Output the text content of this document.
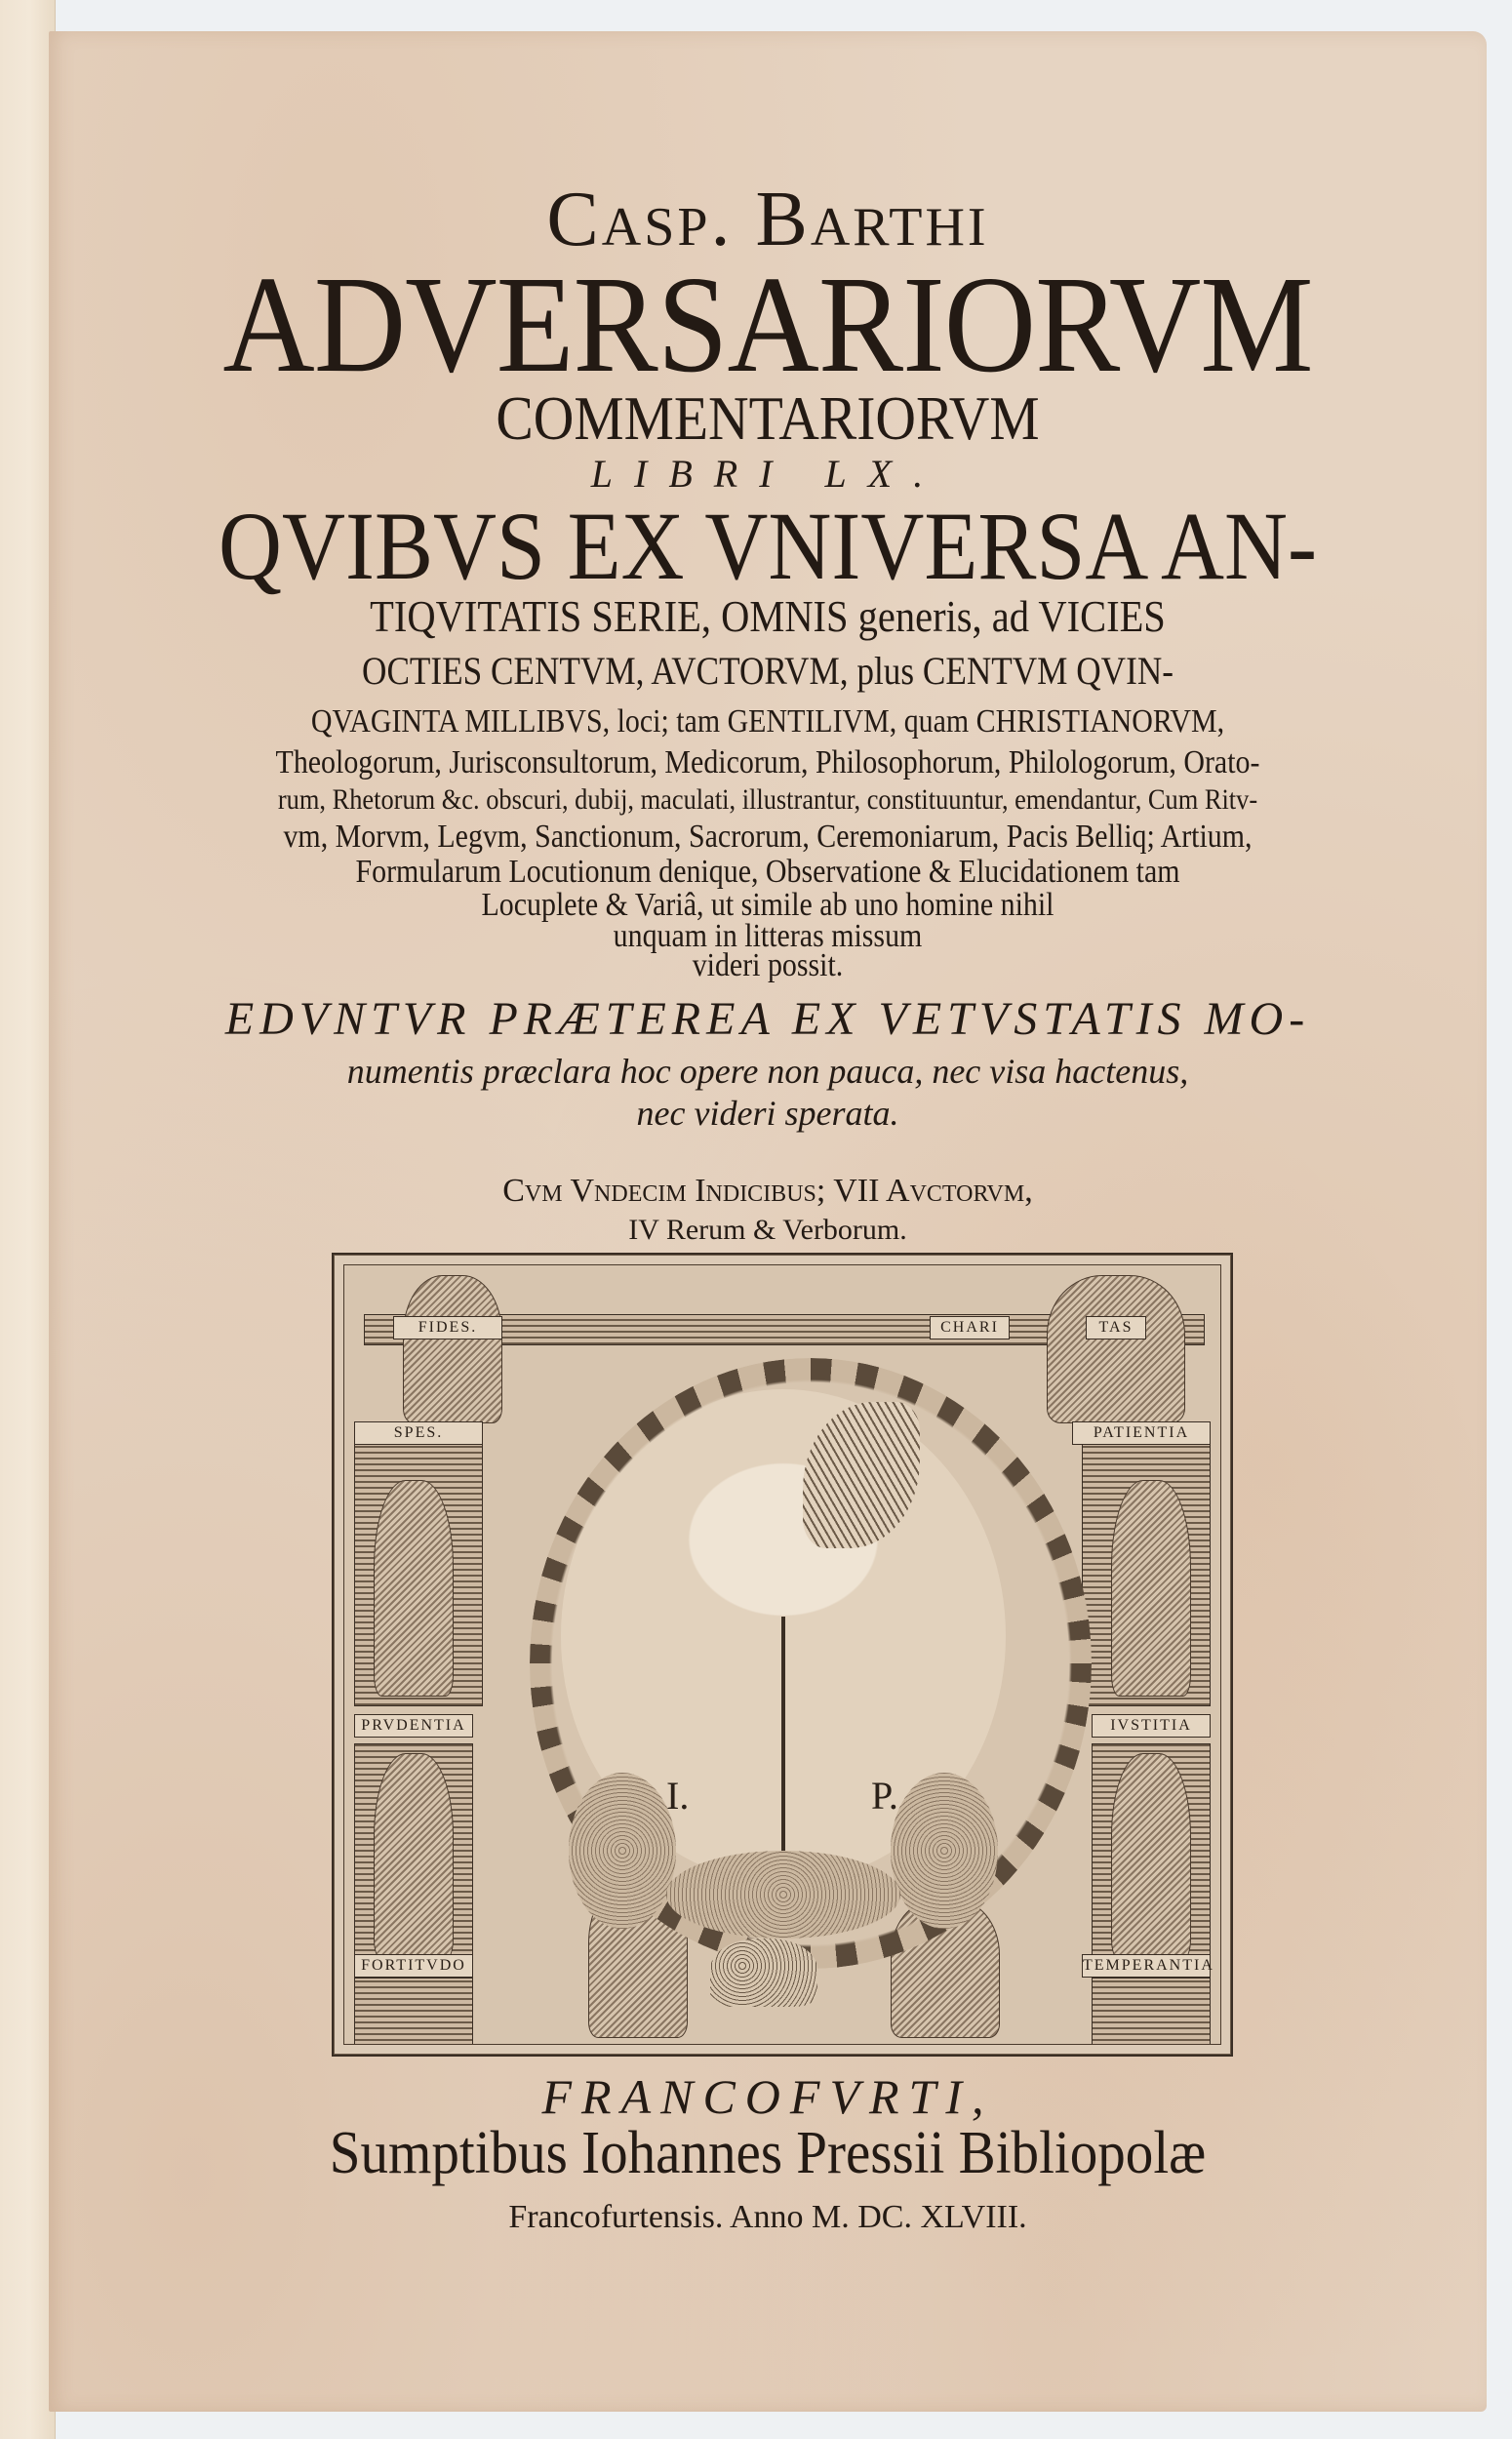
Casp. Barthi
ADVERSARIORVM
COMMENTARIORVM
LIBRI LX.
QVIBVS EX VNIVERSA AN-
TIQVITATIS SERIE, OMNIS generis, ad VICIES
OCTIES CENTVM, AVCTORVM, plus CENTVM QVIN-
QVAGINTA MILLIBVS, loci; tam GENTILIVM, quam CHRISTIANORVM,
Theologorum, Jurisconsultorum, Medicorum, Philosophorum, Philologorum, Orato-
rum, Rhetorum &c. obscuri, dubij, maculati, illustrantur, constituuntur, emendantur, Cum Ritv-
vm, Morvm, Legvm, Sanctionum, Sacrorum, Ceremoniarum, Pacis Belliq; Artium,
Formularum Locutionum denique, Observatione & Elucidationem tam
Locuplete & Variâ, ut simile ab uno homine nihil
unquam in litteras missum
videri possit.
EDVNTVR PRÆTEREA EX VETVSTATIS MO-
numentis præclara hoc opere non pauca, nec visa hactenus,
nec videri sperata.
Cvm Vndecim Indicibus; VII Avctorvm,
IV Rerum & Verborum.
FIDES.	CHARI	TAS
SPES.	PATIENTIA
PRVDENTIA	IVSTITIA
FORTITVDO	TEMPERANTIA
I.	P.
FRANCOFVRTI,
Sumptibus Iohannes Pressii Bibliopolæ
Francofurtensis. Anno M. DC. XLVIII.
